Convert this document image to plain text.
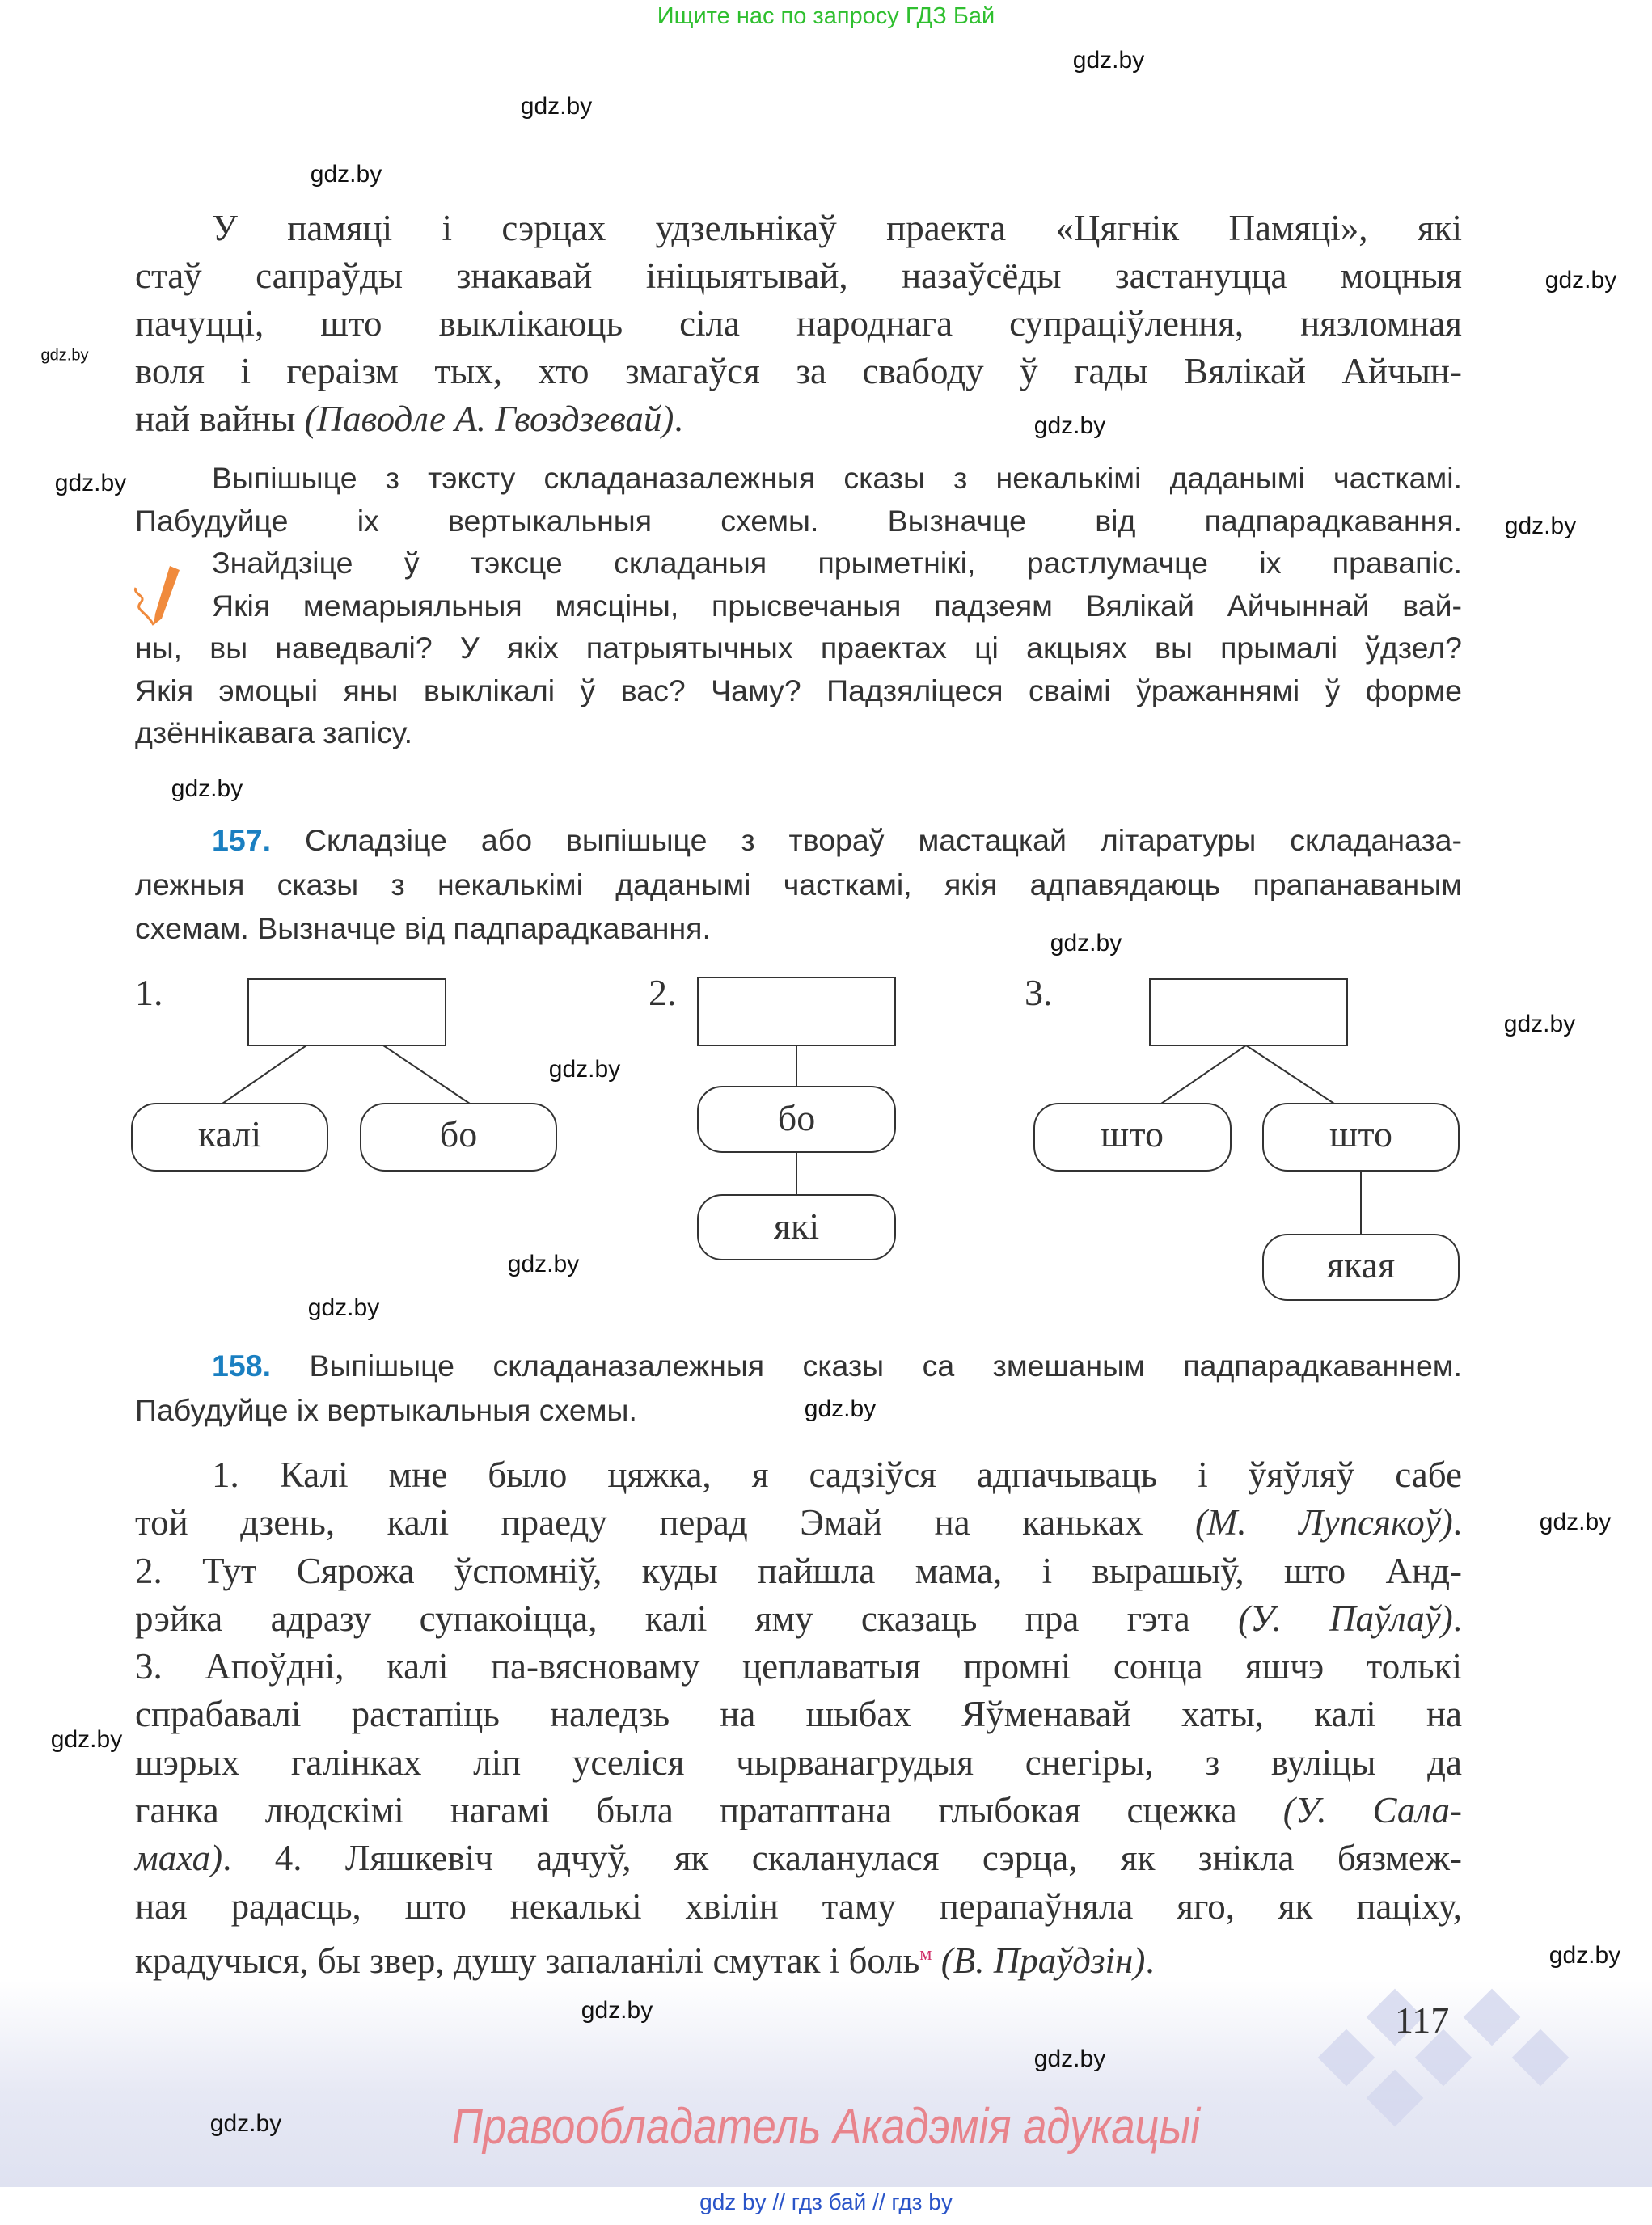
Ищите нас по запросу ГДЗ Бай
У памяці і сэрцах удзельнікаў праекта «Цягнік Памяці», які
стаў сапраўды знакавай ініцыятывай, назаўсёды застануцца моцныя
пачуцці, што выклікаюць сіла народнага супраціўлення, нязломная
воля і гераізм тых, хто змагаўся за свабоду ў гады Вялікай Айчын-
най вайны (Паводле А. Гвоздзевай).
Выпішыце з тэксту складаназалежныя сказы з некалькімі даданымі часткамі.
Пабудуйце іх вертыкальныя схемы. Вызначце від падпарадкавання.
Знайдзіце ў тэксце складаныя прыметнікі, растлумачце іх правапіс.
Якія мемарыяльныя мясціны, прысвечаныя падзеям Вялікай Айчыннай вай-
ны, вы наведвалі? У якіх патрыятычных праектах ці акцыях вы прымалі ўдзел?
Якія эмоцыі яны выклікалі ў вас? Чаму? Падзяліцеся сваімі ўражаннямі ў форме
дзённікавага запісу.
157. Складзіце або выпішыце з твораў мастацкай літаратуры складаназа-
лежныя сказы з некалькімі даданымі часткамі, якія адпавядаюць прапанаваным
схемам. Вызначце від падпарадкавання.
1.	2.	3.
калі	бо	бо
які
што	што
якая
158. Выпішыце складаназалежныя сказы са змешаным падпарадкаваннем.
Пабудуйце іх вертыкальныя схемы.
1. Калі мне было цяжка, я садзіўся адпачываць і ўяўляў сабе
той дзень, калі праеду перад Эмай на каньках (М. Лупсякоў).
2. Тут Сярожа ўспомніў, куды пайшла мама, і вырашыў, што Анд-
рэйка адразу супакоіцца, калі яму сказаць пра гэта (У. Паўлаў).
3. Апоўдні, калі па-вясноваму цеплаватыя промні сонца яшчэ толькі
спрабавалі растапіць наледзь на шыбах Яўменавай хаты, калі на
шэрых галінках ліп уселіся чырванагрудыя снегіры, з вуліцы да
ганка людскімі нагамі была пратаптана глыбокая сцежка (У. Сала-
маха). 4. Ляшкевіч адчуў, як скаланулася сэрца, як знікла бязмеж-
ная радасць, што некалькі хвілін таму перапаўняла яго, як паціху,
крадучыся, бы звер, душу запаланілі смутак і боль$^м$ (В. Праўдзін).
117
Правообладатель Акадэмія адукацыі
gdz by // гдз бай // гдз by
gdz.by
gdz.by
gdz.by
gdz.by
gdz.by
gdz.by
gdz.by
gdz.by
gdz.by
gdz.by
gdz.by
gdz.by
gdz.by
gdz.by
gdz.by
gdz.by
gdz.by
gdz.by
gdz.by
gdz.by
gdz.by
